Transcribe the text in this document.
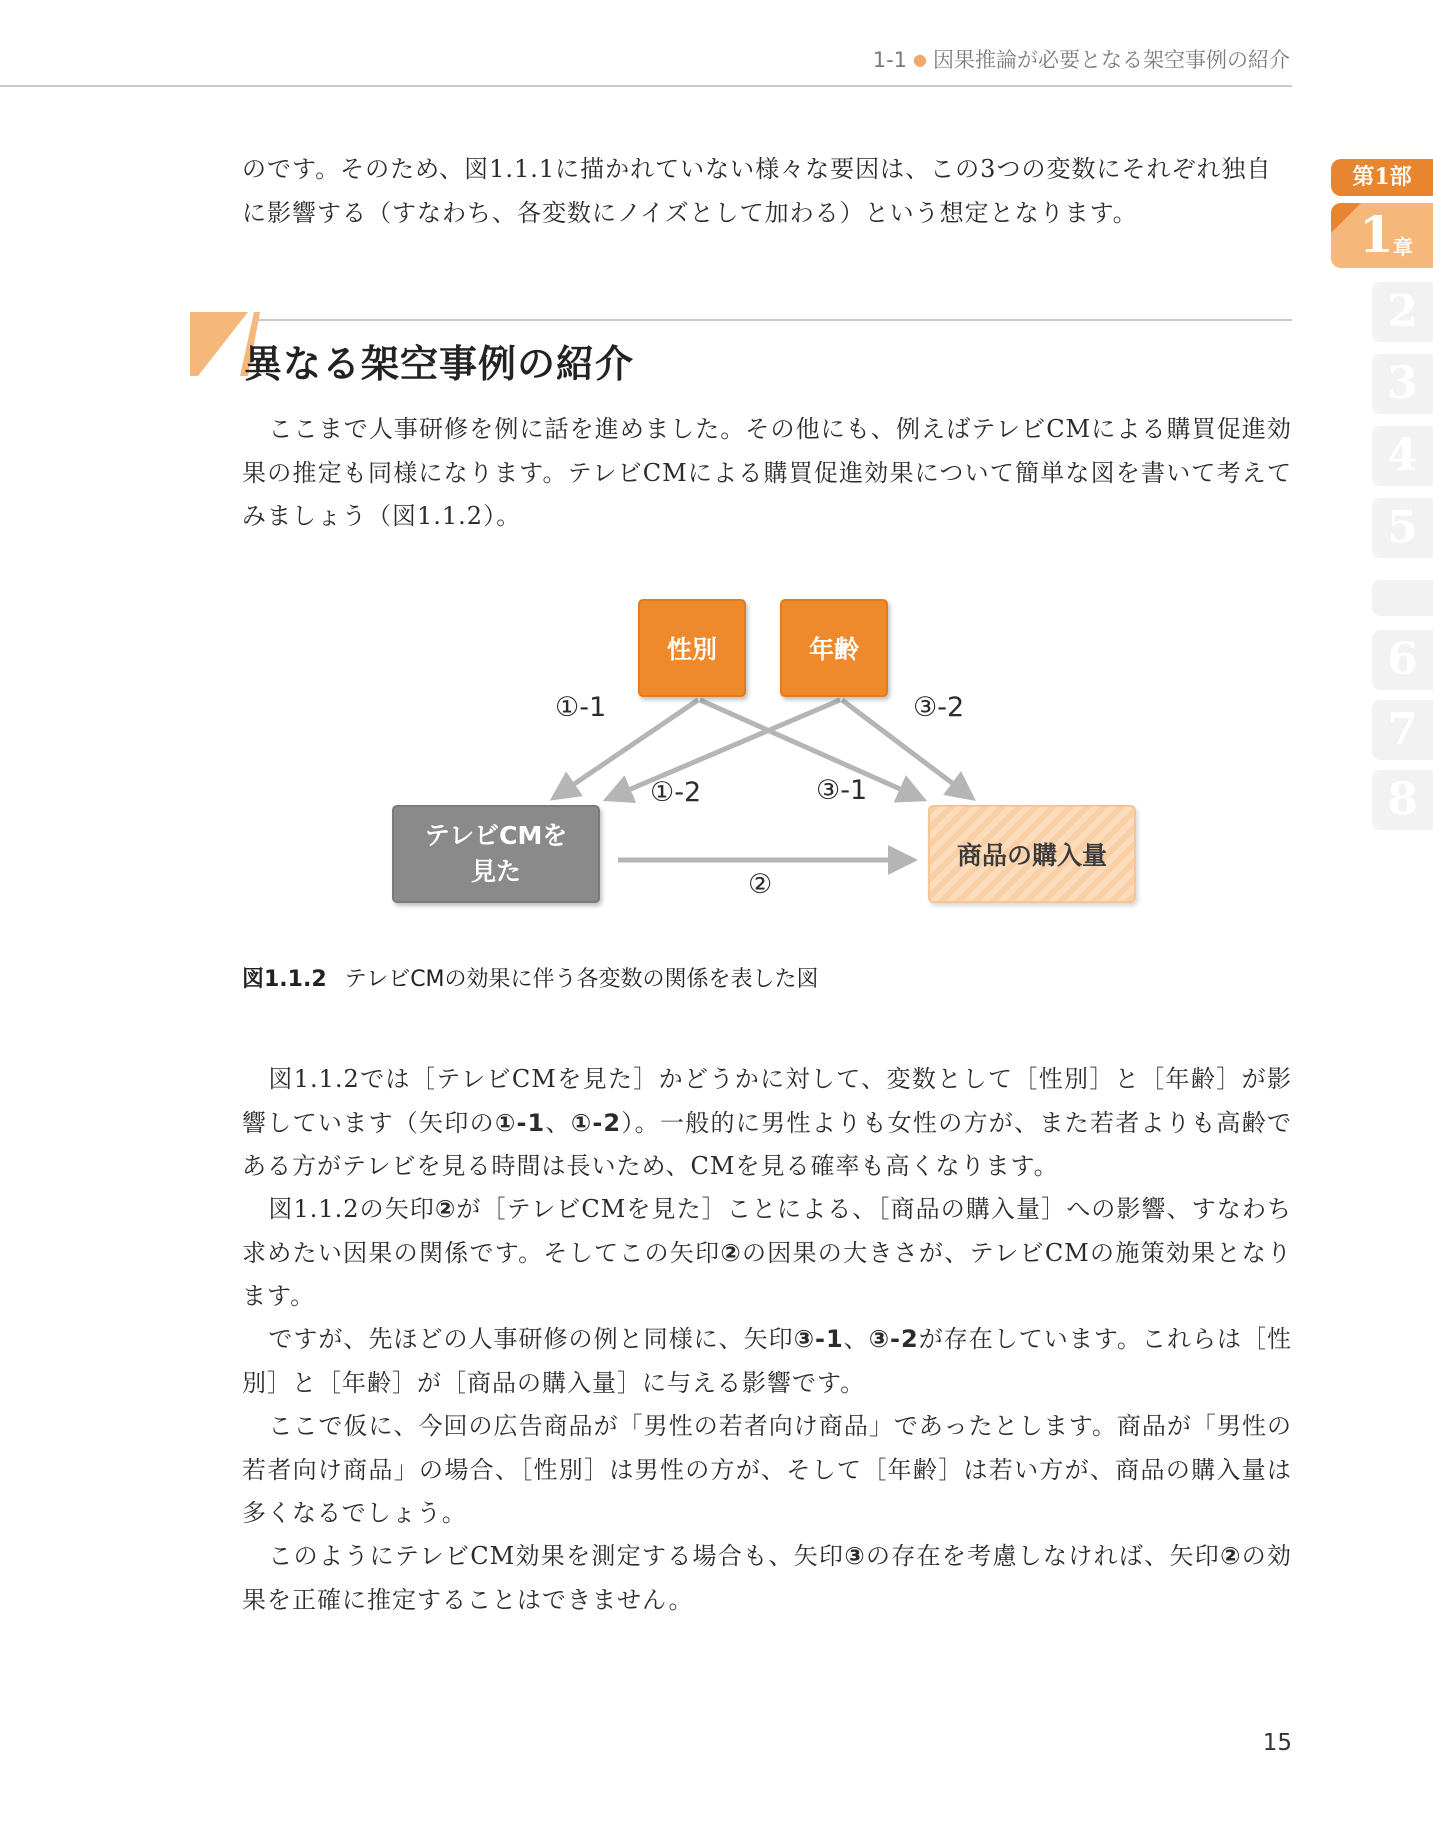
1-1 ● 因果推論が必要となる架空事例の紹介
第1部
1 章
2
3
4
5
6
7
8
のです。そのため、図1.1.1に描かれていない様々な要因は、この3つの変数にそれぞれ独自
に影響する（すなわち、各変数にノイズとして加わる）という想定となります。
異なる架空事例の紹介

ここまで人事研修を例に話を進めました。その他にも、例えばテレビCMによる購買促進効果の推定も同様になります。テレビCMによる購買促進効果について簡単な図を書いて考えてみましょう（図1.1.2）。

性別	年齢
テレビCMを
見た
商品の購入量
①-1
①-2	③-1
③-2
②
図1.1.2 テレビCMの効果に伴う各変数の関係を表した図

図1.1.2では［テレビCMを見た］かどうかに対して、変数として［性別］と［年齢］が影響しています（矢印の①-1、①-2）。一般的に男性よりも女性の方が、また若者よりも高齢である方がテレビを見る時間は長いため、CMを見る確率も高くなります。

図1.1.2の矢印②が［テレビCMを見た］ことによる、［商品の購入量］への影響、すなわち求めたい因果の関係です。そしてこの矢印②の因果の大きさが、テレビCMの施策効果となります。

ですが、先ほどの人事研修の例と同様に、矢印③-1、③-2が存在しています。これらは［性別］と［年齢］が［商品の購入量］に与える影響です。

ここで仮に、今回の広告商品が「男性の若者向け商品」であったとします。商品が「男性の若者向け商品」の場合、［性別］は男性の方が、そして［年齢］は若い方が、商品の購入量は多くなるでしょう。

このようにテレビCM効果を測定する場合も、矢印③の存在を考慮しなければ、矢印②の効果を正確に推定することはできません。

15
